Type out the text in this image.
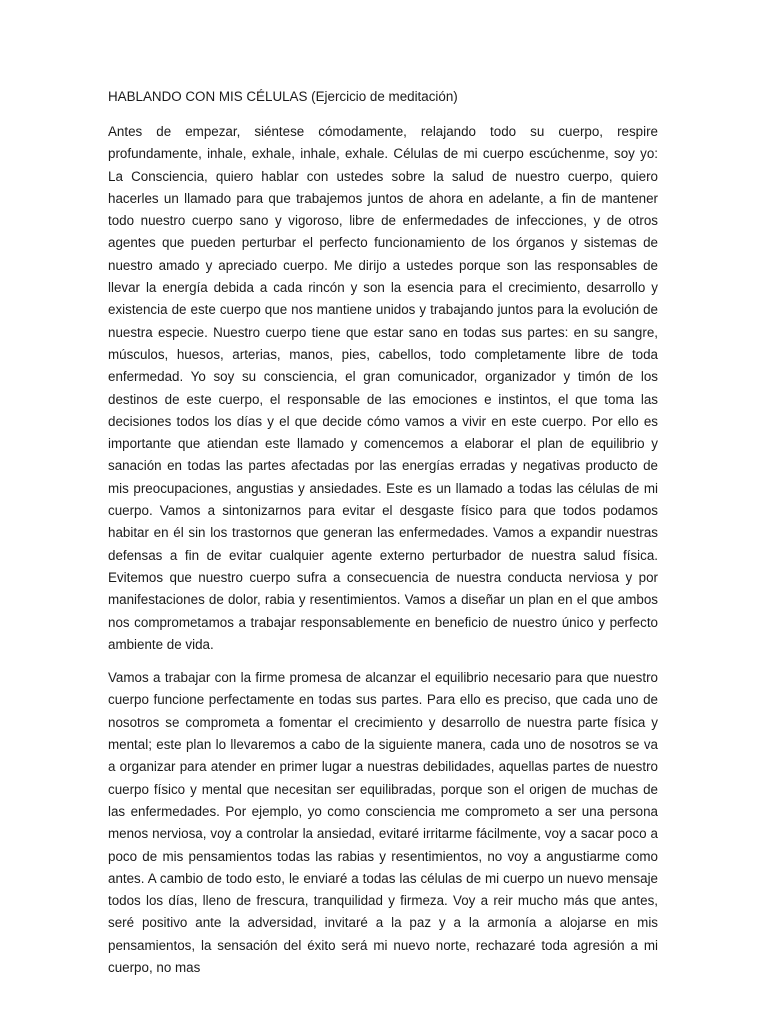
HABLANDO CON MIS CÉLULAS (Ejercicio de meditación)

Antes de empezar, siéntese cómodamente, relajando todo su cuerpo, respire profundamente, inhale, exhale, inhale, exhale. Células de mi cuerpo escúchenme, soy yo: La Consciencia, quiero hablar con ustedes sobre la salud de nuestro cuerpo, quiero hacerles un llamado para que trabajemos juntos de ahora en adelante, a fin de mantener todo nuestro cuerpo sano y vigoroso, libre de enfermedades de infecciones, y de otros agentes que pueden perturbar el perfecto funcionamiento de los órganos y sistemas de nuestro amado y apreciado cuerpo. Me dirijo a ustedes porque son las responsables de llevar la energía debida a cada rincón y son la esencia para el crecimiento, desarrollo y existencia de este cuerpo que nos mantiene unidos y trabajando juntos para la evolución de nuestra especie. Nuestro cuerpo tiene que estar sano en todas sus partes: en su sangre, músculos, huesos, arterias, manos, pies, cabellos, todo completamente libre de toda enfermedad. Yo soy su consciencia, el gran comunicador, organizador y timón de los destinos de este cuerpo, el responsable de las emociones e instintos, el que toma las decisiones todos los días y el que decide cómo vamos a vivir en este cuerpo. Por ello es importante que atiendan este llamado y comencemos a elaborar el plan de equilibrio y sanación en todas las partes afectadas por las energías erradas y negativas producto de mis preocupaciones, angustias y ansiedades. Este es un llamado a todas las células de mi cuerpo. Vamos a sintonizarnos para evitar el desgaste físico para que todos podamos habitar en él sin los trastornos que generan las enfermedades. Vamos a expandir nuestras defensas a fin de evitar cualquier agente externo perturbador de nuestra salud física. Evitemos que nuestro cuerpo sufra a consecuencia de nuestra conducta nerviosa y por manifestaciones de dolor, rabia y resentimientos. Vamos a diseñar un plan en el que ambos nos comprometamos a trabajar responsablemente en beneficio de nuestro único y perfecto ambiente de vida.

Vamos a trabajar con la firme promesa de alcanzar el equilibrio necesario para que nuestro cuerpo funcione perfectamente en todas sus partes. Para ello es preciso, que cada uno de nosotros se comprometa a fomentar el crecimiento y desarrollo de nuestra parte física y mental; este plan lo llevaremos a cabo de la siguiente manera, cada uno de nosotros se va a organizar para atender en primer lugar a nuestras debilidades, aquellas partes de nuestro cuerpo físico y mental que necesitan ser equilibradas, porque son el origen de muchas de las enfermedades. Por ejemplo, yo como consciencia me comprometo a ser una persona menos nerviosa, voy a controlar la ansiedad, evitaré irritarme fácilmente, voy a sacar poco a poco de mis pensamientos todas las rabias y resentimientos, no voy a angustiarme como antes. A cambio de todo esto, le enviaré a todas las células de mi cuerpo un nuevo mensaje todos los días, lleno de frescura, tranquilidad y firmeza. Voy a reir mucho más que antes, seré positivo ante la adversidad, invitaré a la paz y a la armonía a alojarse en mis pensamientos, la sensación del éxito será mi nuevo norte, rechazaré toda agresión a mi cuerpo, no mas
